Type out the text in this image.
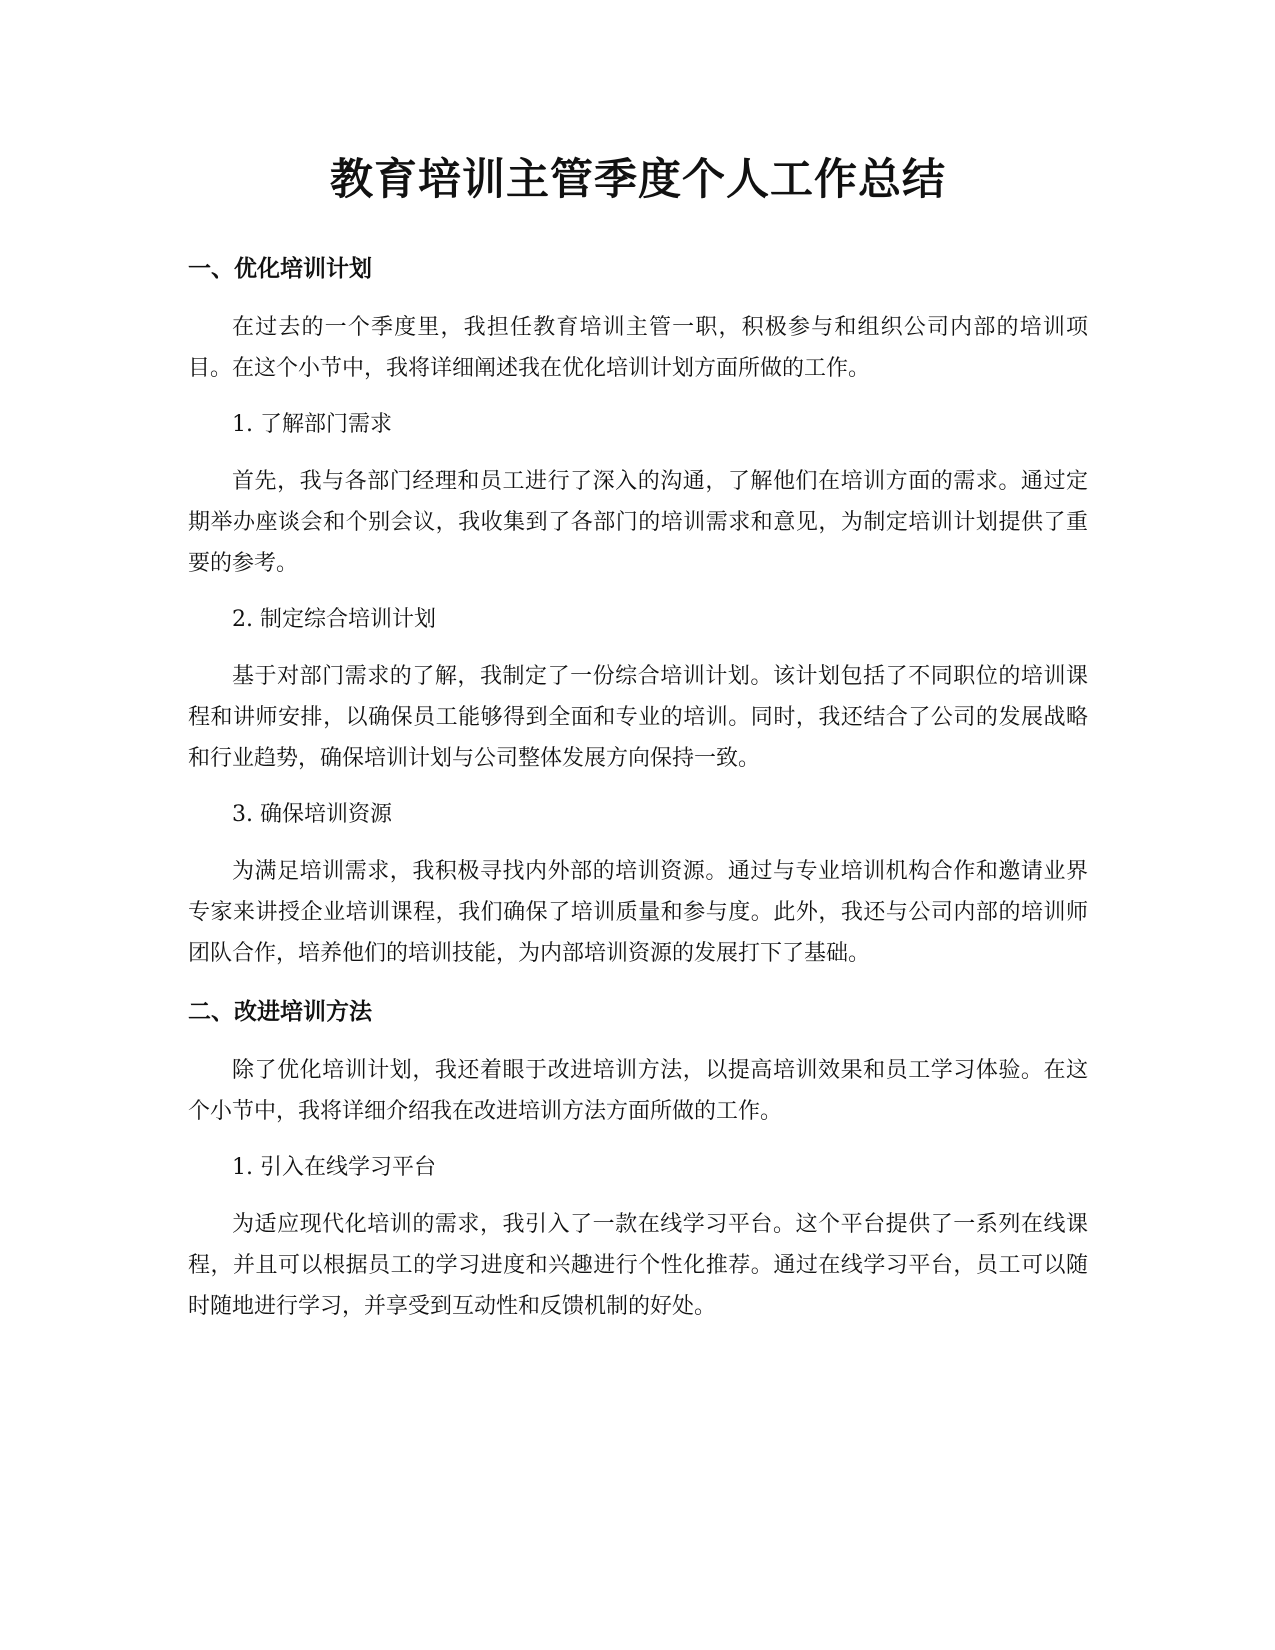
教育培训主管季度个人工作总结
一、优化培训计划

在过去的一个季度里，我担任教育培训主管一职，积极参与和组织公司内部的培训项目。在这个小节中，我将详细阐述我在优化培训计划方面所做的工作。

1. 了解部门需求

首先，我与各部门经理和员工进行了深入的沟通，了解他们在培训方面的需求。通过定期举办座谈会和个别会议，我收集到了各部门的培训需求和意见，为制定培训计划提供了重要的参考。

2. 制定综合培训计划

基于对部门需求的了解，我制定了一份综合培训计划。该计划包括了不同职位的培训课程和讲师安排，以确保员工能够得到全面和专业的培训。同时，我还结合了公司的发展战略和行业趋势，确保培训计划与公司整体发展方向保持一致。

3. 确保培训资源

为满足培训需求，我积极寻找内外部的培训资源。通过与专业培训机构合作和邀请业界专家来讲授企业培训课程，我们确保了培训质量和参与度。此外，我还与公司内部的培训师团队合作，培养他们的培训技能，为内部培训资源的发展打下了基础。

二、改进培训方法

除了优化培训计划，我还着眼于改进培训方法，以提高培训效果和员工学习体验。在这个小节中，我将详细介绍我在改进培训方法方面所做的工作。

1. 引入在线学习平台

为适应现代化培训的需求，我引入了一款在线学习平台。这个平台提供了一系列在线课程，并且可以根据员工的学习进度和兴趣进行个性化推荐。通过在线学习平台，员工可以随时随地进行学习，并享受到互动性和反馈机制的好处。
